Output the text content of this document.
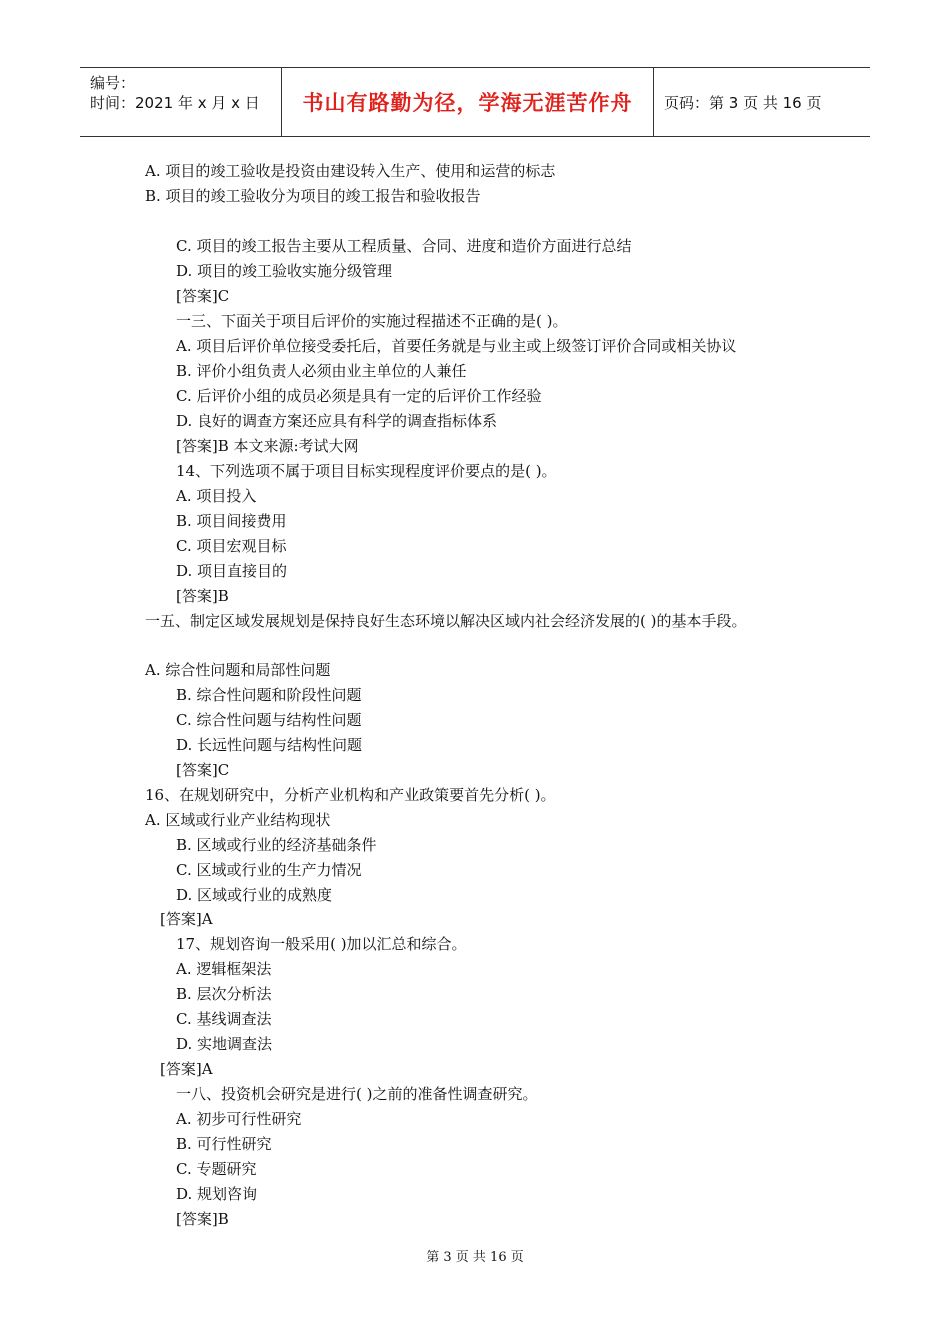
编号：
时间：2021 年 x 月 x 日 书山有路勤为径，学海无涯苦作舟 页码：第 3 页 共 16 页
A. 项目的竣工验收是投资由建设转入生产、使用和运营的标志
B. 项目的竣工验收分为项目的竣工报告和验收报告
C. 项目的竣工报告主要从工程质量、合同、进度和造价方面进行总结
D. 项目的竣工验收实施分级管理
[答案]C
一三、下面关于项目后评价的实施过程描述不正确的是( )。
A. 项目后评价单位接受委托后，首要任务就是与业主或上级签订评价合同或相关协议
B. 评价小组负责人必须由业主单位的人兼任
C. 后评价小组的成员必须是具有一定的后评价工作经验
D. 良好的调查方案还应具有科学的调查指标体系
[答案]B 本文来源:考试大网
14、下列选项不属于项目目标实现程度评价要点的是( )。
A. 项目投入
B. 项目间接费用
C. 项目宏观目标
D. 项目直接目的
[答案]B
一五、制定区域发展规划是保持良好生态环境以解决区域内社会经济发展的( )的基本手段。
A. 综合性问题和局部性问题
B. 综合性问题和阶段性问题
C. 综合性问题与结构性问题
D. 长远性问题与结构性问题
[答案]C
16、在规划研究中，分析产业机构和产业政策要首先分析( )。
A. 区域或行业产业结构现状
B. 区域或行业的经济基础条件
C. 区域或行业的生产力情况
D. 区域或行业的成熟度
[答案]A
17、规划咨询一般采用( )加以汇总和综合。
A. 逻辑框架法
B. 层次分析法
C. 基线调查法
D. 实地调查法
[答案]A
一八、投资机会研究是进行( )之前的准备性调查研究。
A. 初步可行性研究
B. 可行性研究
C. 专题研究
D. 规划咨询
[答案]B
第 3 页 共 16 页
